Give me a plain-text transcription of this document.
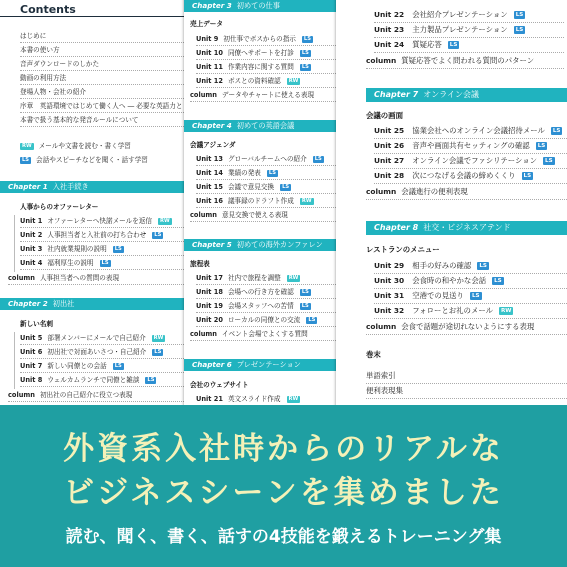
Contents
はじめに
本書の使い方
音声ダウンロードのしかた
動画の利用方法
登場人物・会社の紹介
序章　英語環境ではじめて働く人へ ― 必要な英語力と
本書で扱う基本的な発音ルールについて
RW	メールや文書を読む・書く学習
LS	会話やスピーチなどを聞く・話す学習
Chapter 1 入社手続き
人事からのオファーレター
Unit 1 オファーレターへ快諾メールを返信	RW
Unit 2 人事担当者と入社前の打ち合わせ	LS
Unit 3 社内就業規則の説明	LS
Unit 4 福利厚生の説明	LS
column 人事担当者への質問の表現
Chapter 2 初出社
新しい名刺
Unit 5 部署メンバーにメールで自己紹介	RW
Unit 6 初出社で対面あいさつ・自己紹介	LS
Unit 7 新しい同僚との会話	LS
Unit 8 ウェルカムランチで同僚と雑談	LS
column 初出社の自己紹介に役立つ表現
Chapter 3 初めての仕事
売上データ
Unit 9 初仕事でボスからの指示	LS
Unit 10 同僚へサポートを打診	LS
Unit 11 作業内容に関する質問	LS
Unit 12 ボスとの資料確認	RW
column データやチャートに使える表現
Chapter 4 初めての英語会議
会議アジェンダ
Unit 13 グローバルチームへの紹介	LS
Unit 14 業績の発表	LS
Unit 15 会議で意見交換	LS
Unit 16 議事録のドラフト作成	RW
column 意見交換で使える表現
Chapter 5 初めての海外カンファレン
旅程表
Unit 17 社内で旅程を調整	RW
Unit 18 会場への行き方を確認	LS
Unit 19 会場スタッフへの苦情	LS
Unit 20 ローカルの同僚との交流	LS
column イベント会場でよくする質問
Chapter 6 プレゼンテーション
会社のウェブサイト
Unit 21 英文スライド作成	RW
Unit 22 会社紹介プレゼンテーション	LS
Unit 23 主力製品プレゼンテーション	LS
Unit 24 質疑応答	LS
column 質疑応答でよく問われる質問のパターン
Chapter 7 オンライン会議
会議の画面
Unit 25 協業会社へのオンライン会議招待メール	LS
Unit 26 音声や画面共有セッティングの確認	LS
Unit 27 オンライン会議でファシリテーション	LS
Unit 28 次につなげる会議の締めくくり	LS
column 会議進行の便利表現
Chapter 8 社交・ビジネスアテンド
レストランのメニュー
Unit 29 相手の好みの確認	LS
Unit 30 会食時の和やかな会話	LS
Unit 31 空港での見送り	LS
Unit 32 フォローとお礼のメール	RW
column 会食で話題が途切れないようにする表現
巻末
単語索引
便利表現集
外資系入社時からのリアルな
ビジネスシーンを集めました
読む、聞く、書く、話すの4技能を鍛えるトレーニング集
